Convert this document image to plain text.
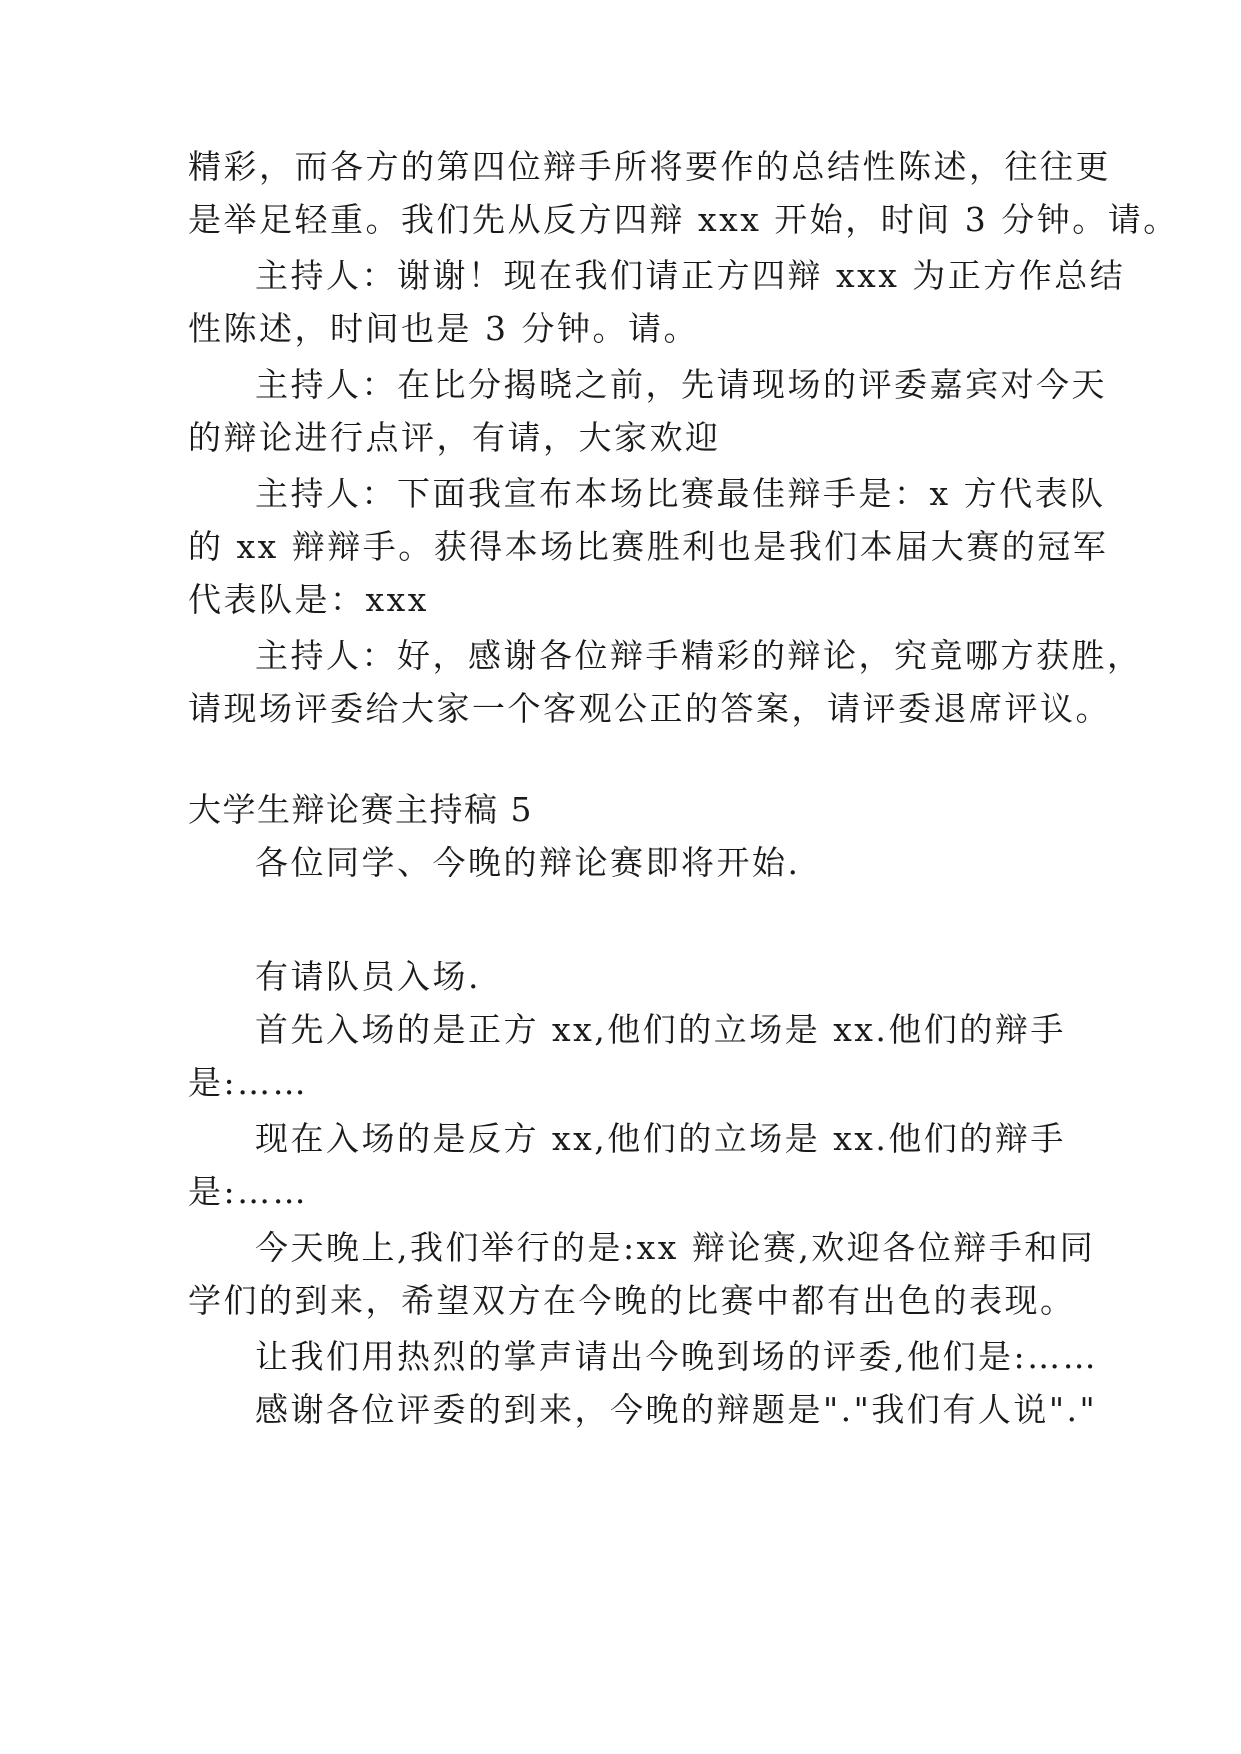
精彩，而各方的第四位辩手所将要作的总结性陈述，往往更
是举足轻重。我们先从反方四辩 xxx 开始，时间 3 分钟。请。
主持人：谢谢！现在我们请正方四辩 xxx 为正方作总结
性陈述，时间也是 3 分钟。请。
主持人：在比分揭晓之前，先请现场的评委嘉宾对今天
的辩论进行点评，有请，大家欢迎
主持人：下面我宣布本场比赛最佳辩手是：x 方代表队
的 xx 辩辩手。获得本场比赛胜利也是我们本届大赛的冠军
代表队是：xxx
主持人：好，感谢各位辩手精彩的辩论，究竟哪方获胜，
请现场评委给大家一个客观公正的答案，请评委退席评议。
大学生辩论赛主持稿 5
各位同学、今晚的辩论赛即将开始.
有请队员入场.
首先入场的是正方 xx,他们的立场是 xx.他们的辩手
是:……
现在入场的是反方 xx,他们的立场是 xx.他们的辩手
是:……
今天晚上,我们举行的是:xx 辩论赛,欢迎各位辩手和同
学们的到来，希望双方在今晚的比赛中都有出色的表现。
让我们用热烈的掌声请出今晚到场的评委,他们是:……
感谢各位评委的到来，今晚的辩题是"."我们有人说"."
